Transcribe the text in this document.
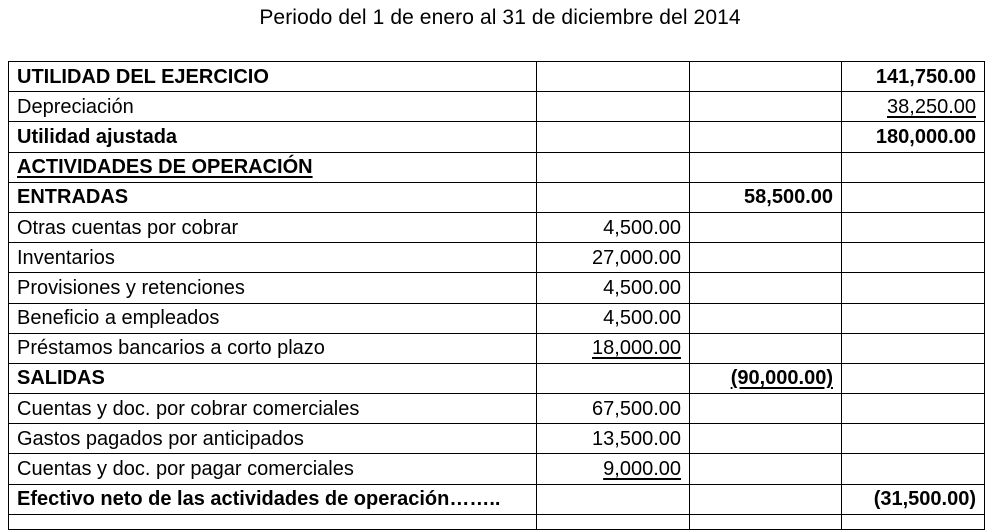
Periodo del 1 de enero al 31 de diciembre del 2014
UTILIDAD DEL EJERCICIO			141,750.00
Depreciación			38,250.00
Utilidad ajustada			180,000.00
ACTIVIDADES DE OPERACIÓN			
ENTRADAS		58,500.00	
Otras cuentas por cobrar	4,500.00		
Inventarios	27,000.00		
Provisiones y retenciones	4,500.00		
Beneficio a empleados	4,500.00		
Préstamos bancarios a corto plazo	18,000.00		
SALIDAS		(90,000.00)	
Cuentas y doc. por cobrar comerciales	67,500.00		
Gastos pagados por anticipados	13,500.00		
Cuentas y doc. por pagar comerciales	9,000.00		
Efectivo neto de las actividades de operación……..			(31,500.00)
